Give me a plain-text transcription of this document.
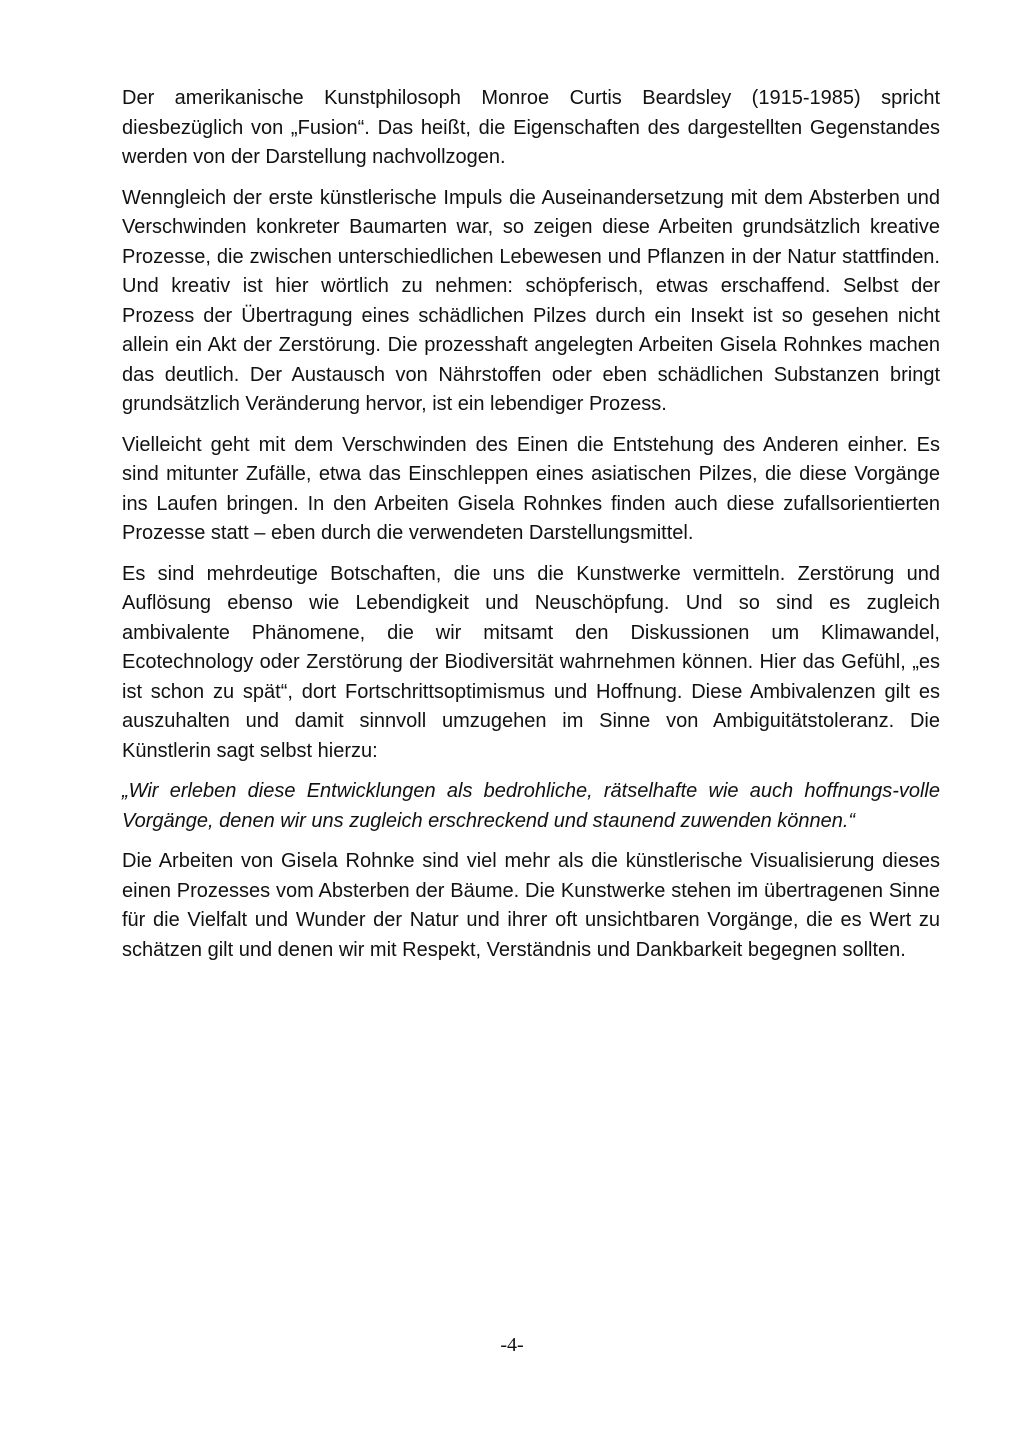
Der amerikanische Kunstphilosoph Monroe Curtis Beardsley (1915-1985) spricht diesbezüglich von „Fusion“. Das heißt, die Eigenschaften des dargestellten Gegenstandes werden von der Darstellung nachvollzogen.

Wenngleich der erste künstlerische Impuls die Auseinandersetzung mit dem Absterben und Verschwinden konkreter Baumarten war, so zeigen diese Arbeiten grundsätzlich kreative Prozesse, die zwischen unterschiedlichen Lebewesen und Pflanzen in der Natur stattfinden. Und kreativ ist hier wörtlich zu nehmen: schöpferisch, etwas erschaffend. Selbst der Prozess der Übertragung eines schädlichen Pilzes durch ein Insekt ist so gesehen nicht allein ein Akt der Zerstörung. Die prozesshaft angelegten Arbeiten Gisela Rohnkes machen das deutlich. Der Austausch von Nährstoffen oder eben schädlichen Substanzen bringt grundsätzlich Veränderung hervor, ist ein lebendiger Prozess.

Vielleicht geht mit dem Verschwinden des Einen die Entstehung des Anderen einher. Es sind mitunter Zufälle, etwa das Einschleppen eines asiatischen Pilzes, die diese Vorgänge ins Laufen bringen. In den Arbeiten Gisela Rohnkes finden auch diese zufallsorientierten Prozesse statt – eben durch die verwendeten Darstellungsmittel.

Es sind mehrdeutige Botschaften, die uns die Kunstwerke vermitteln. Zerstörung und Auflösung ebenso wie Lebendigkeit und Neuschöpfung. Und so sind es zugleich ambivalente Phänomene, die wir mitsamt den Diskussionen um Klimawandel, Ecotechnology oder Zerstörung der Biodiversität wahrnehmen können. Hier das Gefühl, „es ist schon zu spät“, dort Fortschrittsoptimismus und Hoffnung. Diese Ambivalenzen gilt es auszuhalten und damit sinnvoll umzugehen im Sinne von Ambiguitätstoleranz. Die Künstlerin sagt selbst hierzu:

„Wir erleben diese Entwicklungen als bedrohliche, rätselhafte wie auch hoffnungs-volle Vorgänge, denen wir uns zugleich erschreckend und staunend zuwenden können.“

Die Arbeiten von Gisela Rohnke sind viel mehr als die künstlerische Visualisierung dieses einen Prozesses vom Absterben der Bäume. Die Kunstwerke stehen im übertragenen Sinne für die Vielfalt und Wunder der Natur und ihrer oft unsichtbaren Vorgänge, die es Wert zu schätzen gilt und denen wir mit Respekt, Verständnis und Dankbarkeit begegnen sollten.

-4-
